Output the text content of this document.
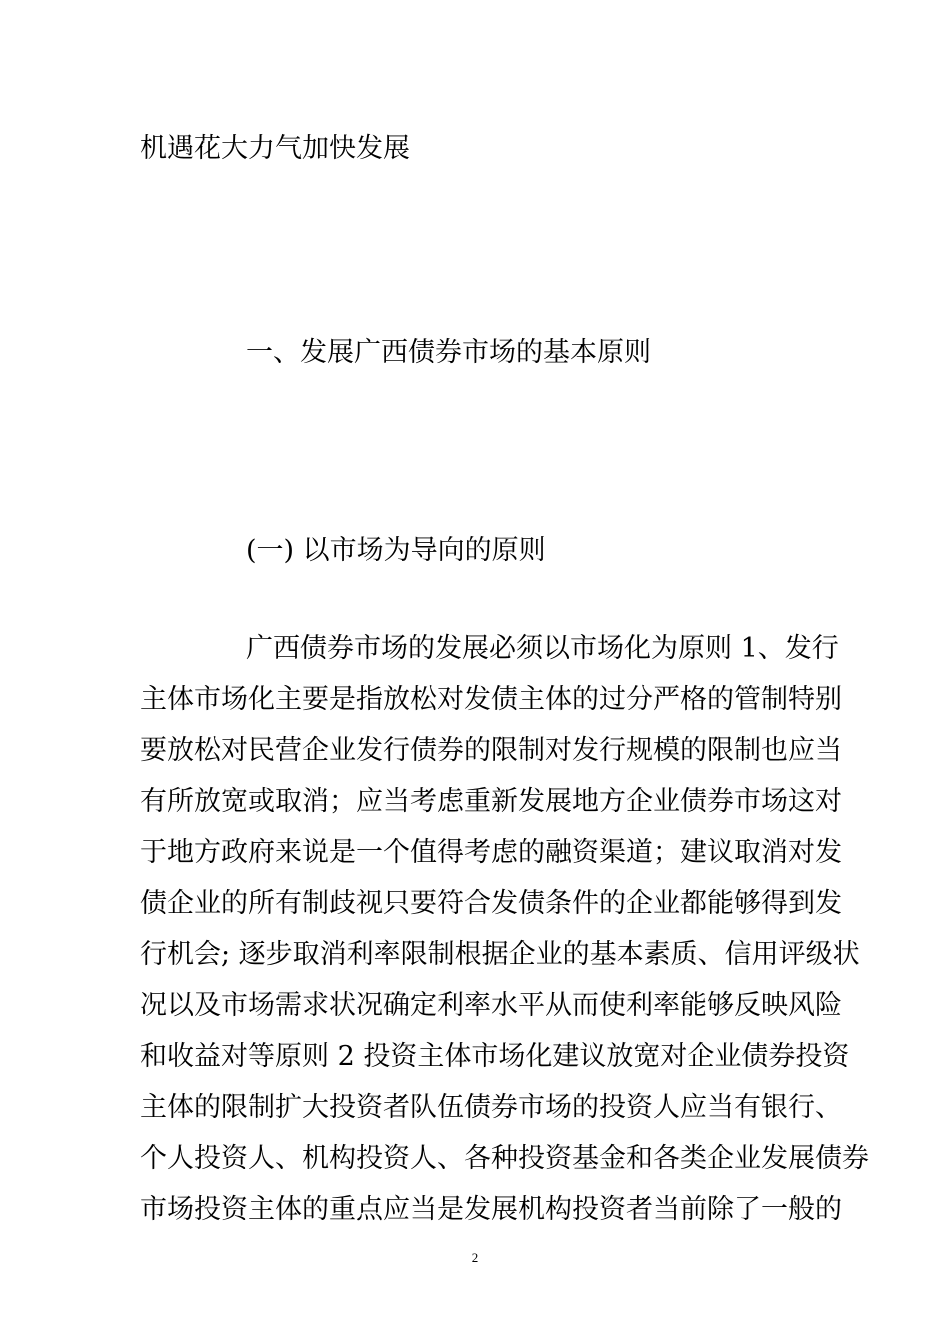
机遇花大力气加快发展
一、发展广西债券市场的基本原则
(一) 以市场为导向的原则
广西债券市场的发展必须以市场化为原则 1、发行
主体市场化主要是指放松对发债主体的过分严格的管制特别
要放松对民营企业发行债券的限制对发行规模的限制也应当
有所放宽或取消；应当考虑重新发展地方企业债券市场这对
于地方政府来说是一个值得考虑的融资渠道；建议取消对发
债企业的所有制歧视只要符合发债条件的企业都能够得到发
行机会; 逐步取消利率限制根据企业的基本素质、信用评级状
况以及市场需求状况确定利率水平从而使利率能够反映风险
和收益对等原则 2 投资主体市场化建议放宽对企业债券投资
主体的限制扩大投资者队伍债券市场的投资人应当有银行、
个人投资人、机构投资人、各种投资基金和各类企业发展债券
市场投资主体的重点应当是发展机构投资者当前除了一般的
2
